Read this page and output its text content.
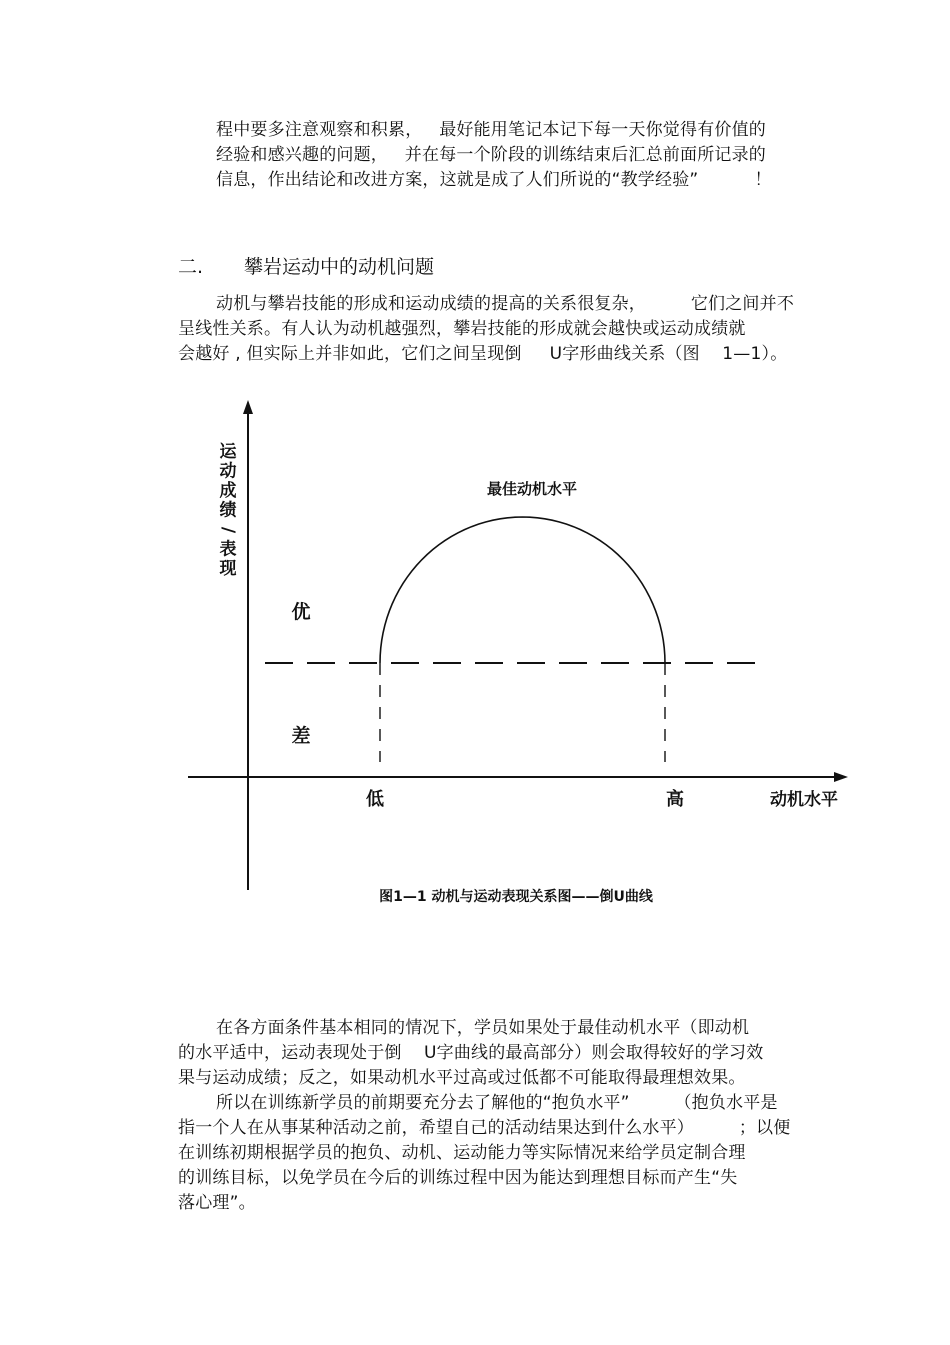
程中要多注意观察和积累，   最好能用笔记本记下每一天你觉得有价值的
经验和感兴趣的问题，   并在每一个阶段的训练结束后汇总前面所记录的
信息，作出结论和改进方案，这就是成了人们所说的“教学经验”          ！
二. 攀岩运动中的动机问题
动机与攀岩技能的形成和运动成绩的提高的关系很复杂，        它们之间并不
呈线性关系。有人认为动机越强烈，攀岩技能的形成就会越快或运动成绩就
会越好 , 但实际上并非如此，它们之间呈现倒     U字形曲线关系（图    1—1）。
最佳动机水平
运
动
成
绩
/
表
现
优
差
低	高	动机水平
图1—1 动机与运动表现关系图——倒U曲线
在各方面条件基本相同的情况下，学员如果处于最佳动机水平（即动机
的水平适中，运动表现处于倒    U字曲线的最高部分）则会取得较好的学习效
果与运动成绩；反之，如果动机水平过高或过低都不可能取得最理想效果。
所以在训练新学员的前期要充分去了解他的“抱负水平”        （抱负水平是
指一个人在从事某种活动之前，希望自己的活动结果达到什么水平）        ；以便
在训练初期根据学员的抱负、动机、运动能力等实际情况来给学员定制合理
的训练目标，以免学员在今后的训练过程中因为能达到理想目标而产生“失
落心理”。
